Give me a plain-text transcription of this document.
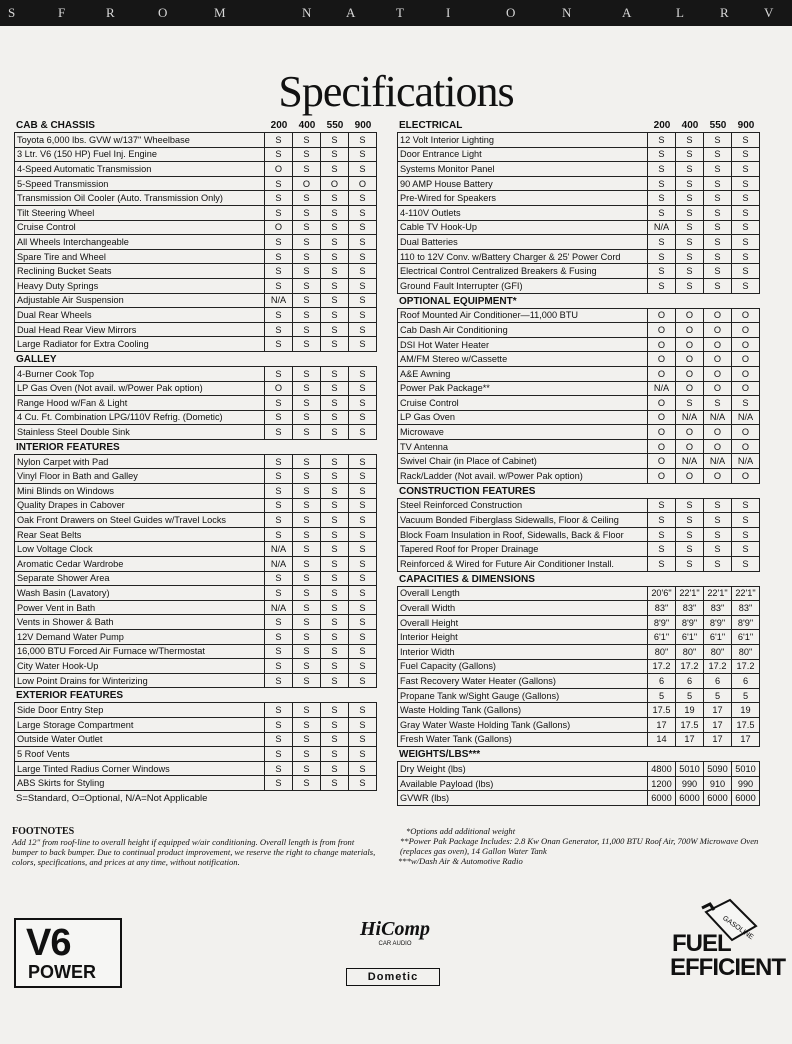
S	F	R	O	M	N	A	T	I	O	N	A	L	R	V
Specifications
CAB & CHASSIS	200	400	550	900
Toyota 6,000 lbs. GVW w/137" Wheelbase	S	S	S	S
3 Ltr. V6 (150 HP) Fuel Inj. Engine	S	S	S	S
4-Speed Automatic Transmission	O	S	S	S
5-Speed Transmission	S	O	O	O
Transmission Oil Cooler (Auto. Transmission Only)	S	S	S	S
Tilt Steering Wheel	S	S	S	S
Cruise Control	O	S	S	S
All Wheels Interchangeable	S	S	S	S
Spare Tire and Wheel	S	S	S	S
Reclining Bucket Seats	S	S	S	S
Heavy Duty Springs	S	S	S	S
Adjustable Air Suspension	N/A	S	S	S
Dual Rear Wheels	S	S	S	S
Dual Head Rear View Mirrors	S	S	S	S
Large Radiator for Extra Cooling	S	S	S	S
GALLEY
4-Burner Cook Top	S	S	S	S
LP Gas Oven (Not avail. w/Power Pak option)	O	S	S	S
Range Hood w/Fan & Light	S	S	S	S
4 Cu. Ft. Combination LPG/110V Refrig. (Dometic)	S	S	S	S
Stainless Steel Double Sink	S	S	S	S
INTERIOR FEATURES
Nylon Carpet with Pad	S	S	S	S
Vinyl Floor in Bath and Galley	S	S	S	S
Mini Blinds on Windows	S	S	S	S
Quality Drapes in Cabover	S	S	S	S
Oak Front Drawers on Steel Guides w/Travel Locks	S	S	S	S
Rear Seat Belts	S	S	S	S
Low Voltage Clock	N/A	S	S	S
Aromatic Cedar Wardrobe	N/A	S	S	S
Separate Shower Area	S	S	S	S
Wash Basin (Lavatory)	S	S	S	S
Power Vent in Bath	N/A	S	S	S
Vents in Shower & Bath	S	S	S	S
12V Demand Water Pump	S	S	S	S
16,000 BTU Forced Air Furnace w/Thermostat	S	S	S	S
City Water Hook-Up	S	S	S	S
Low Point Drains for Winterizing	S	S	S	S
EXTERIOR FEATURES
Side Door Entry Step	S	S	S	S
Large Storage Compartment	S	S	S	S
Outside Water Outlet	S	S	S	S
5 Roof Vents	S	S	S	S
Large Tinted Radius Corner Windows	S	S	S	S
ABS Skirts for Styling	S	S	S	S
S=Standard, O=Optional, N/A=Not Applicable
ELECTRICAL	200	400	550	900
12 Volt Interior Lighting	S	S	S	S
Door Entrance Light	S	S	S	S
Systems Monitor Panel	S	S	S	S
90 AMP House Battery	S	S	S	S
Pre-Wired for Speakers	S	S	S	S
4-110V Outlets	S	S	S	S
Cable TV Hook-Up	N/A	S	S	S
Dual Batteries	S	S	S	S
110 to 12V Conv. w/Battery Charger & 25' Power Cord	S	S	S	S
Electrical Control Centralized Breakers & Fusing	S	S	S	S
Ground Fault Interrupter (GFI)	S	S	S	S
OPTIONAL EQUIPMENT*
Roof Mounted Air Conditioner—11,000 BTU	O	O	O	O
Cab Dash Air Conditioning	O	O	O	O
DSI Hot Water Heater	O	O	O	O
AM/FM Stereo w/Cassette	O	O	O	O
A&E Awning	O	O	O	O
Power Pak Package**	N/A	O	O	O
Cruise Control	O	S	S	S
LP Gas Oven	O	N/A	N/A	N/A
Microwave	O	O	O	O
TV Antenna	O	O	O	O
Swivel Chair (in Place of Cabinet)	O	N/A	N/A	N/A
Rack/Ladder (Not avail. w/Power Pak option)	O	O	O	O
CONSTRUCTION FEATURES
Steel Reinforced Construction	S	S	S	S
Vacuum Bonded Fiberglass Sidewalls, Floor & Ceiling	S	S	S	S
Block Foam Insulation in Roof, Sidewalls, Back & Floor	S	S	S	S
Tapered Roof for Proper Drainage	S	S	S	S
Reinforced & Wired for Future Air Conditioner Install.	S	S	S	S
CAPACITIES & DIMENSIONS
Overall Length	20'6"	22'1"	22'1"	22'1"
Overall Width	83"	83"	83"	83"
Overall Height	8'9"	8'9"	8'9"	8'9"
Interior Height	6'1"	6'1"	6'1"	6'1"
Interior Width	80"	80"	80"	80"
Fuel Capacity (Gallons)	17.2	17.2	17.2	17.2
Fast Recovery Water Heater (Gallons)	6	6	6	6
Propane Tank w/Sight Gauge (Gallons)	5	5	5	5
Waste Holding Tank (Gallons)	17.5	19	17	19
Gray Water Waste Holding Tank (Gallons)	17	17.5	17	17.5
Fresh Water Tank (Gallons)	14	17	17	17
WEIGHTS/LBS***
Dry Weight (lbs)	4800	5010	5090	5010
Available Payload (lbs)	1200	990	910	990
GVWR (lbs)	6000	6000	6000	6000
FOOTNOTES
Add 12" from roof-line to overall height if equipped w/air conditioning. Overall length is from front bumper to back bumper. Due to continual product improvement, we reserve the right to change materials, colors, specifications, and prices at any time, without notification.
*Options add additional weight
**Power Pak Package Includes: 2.8 Kw Onan Generator, 11,000 BTU Roof Air, 700W Microwave Oven (replaces gas oven), 14 Gallon Water Tank
***w/Dash Air & Automotive Radio
V6
POWER
HiComp
CAR AUDIO
Dometic
GASOLINE
FUEL
EFFICIENT
